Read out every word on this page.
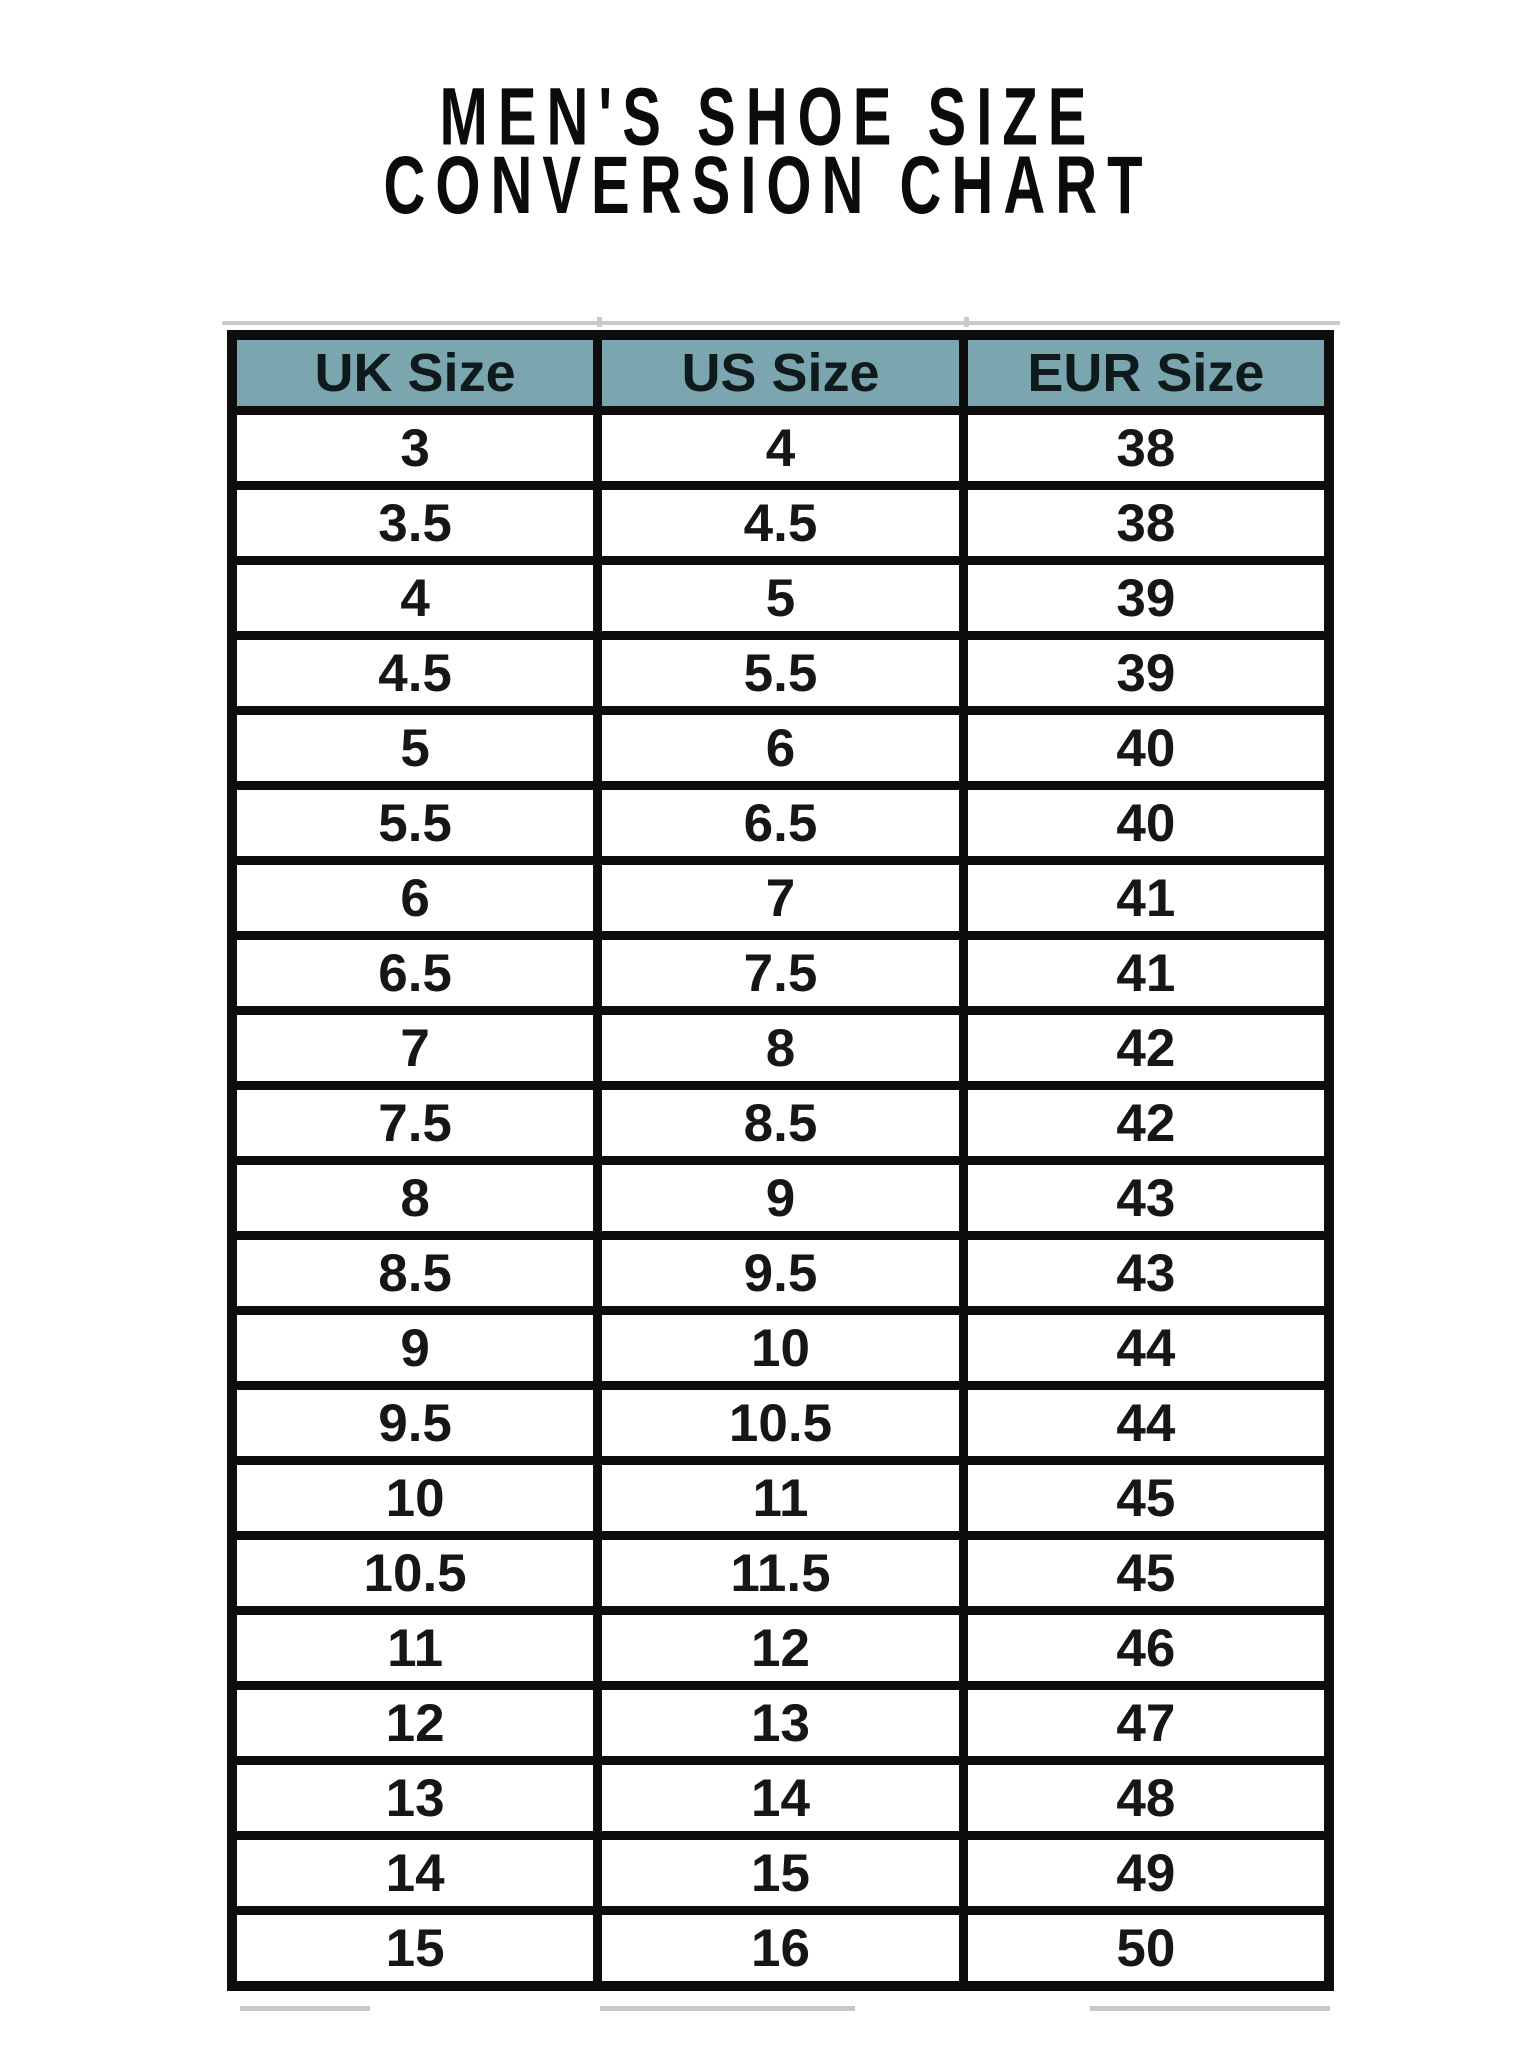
MEN'S SHOE SIZE
CONVERSION CHART
UK Size	US Size	EUR Size
3	4	38
3.5	4.5	38
4	5	39
4.5	5.5	39
5	6	40
5.5	6.5	40
6	7	41
6.5	7.5	41
7	8	42
7.5	8.5	42
8	9	43
8.5	9.5	43
9	10	44
9.5	10.5	44
10	11	45
10.5	11.5	45
11	12	46
12	13	47
13	14	48
14	15	49
15	16	50
